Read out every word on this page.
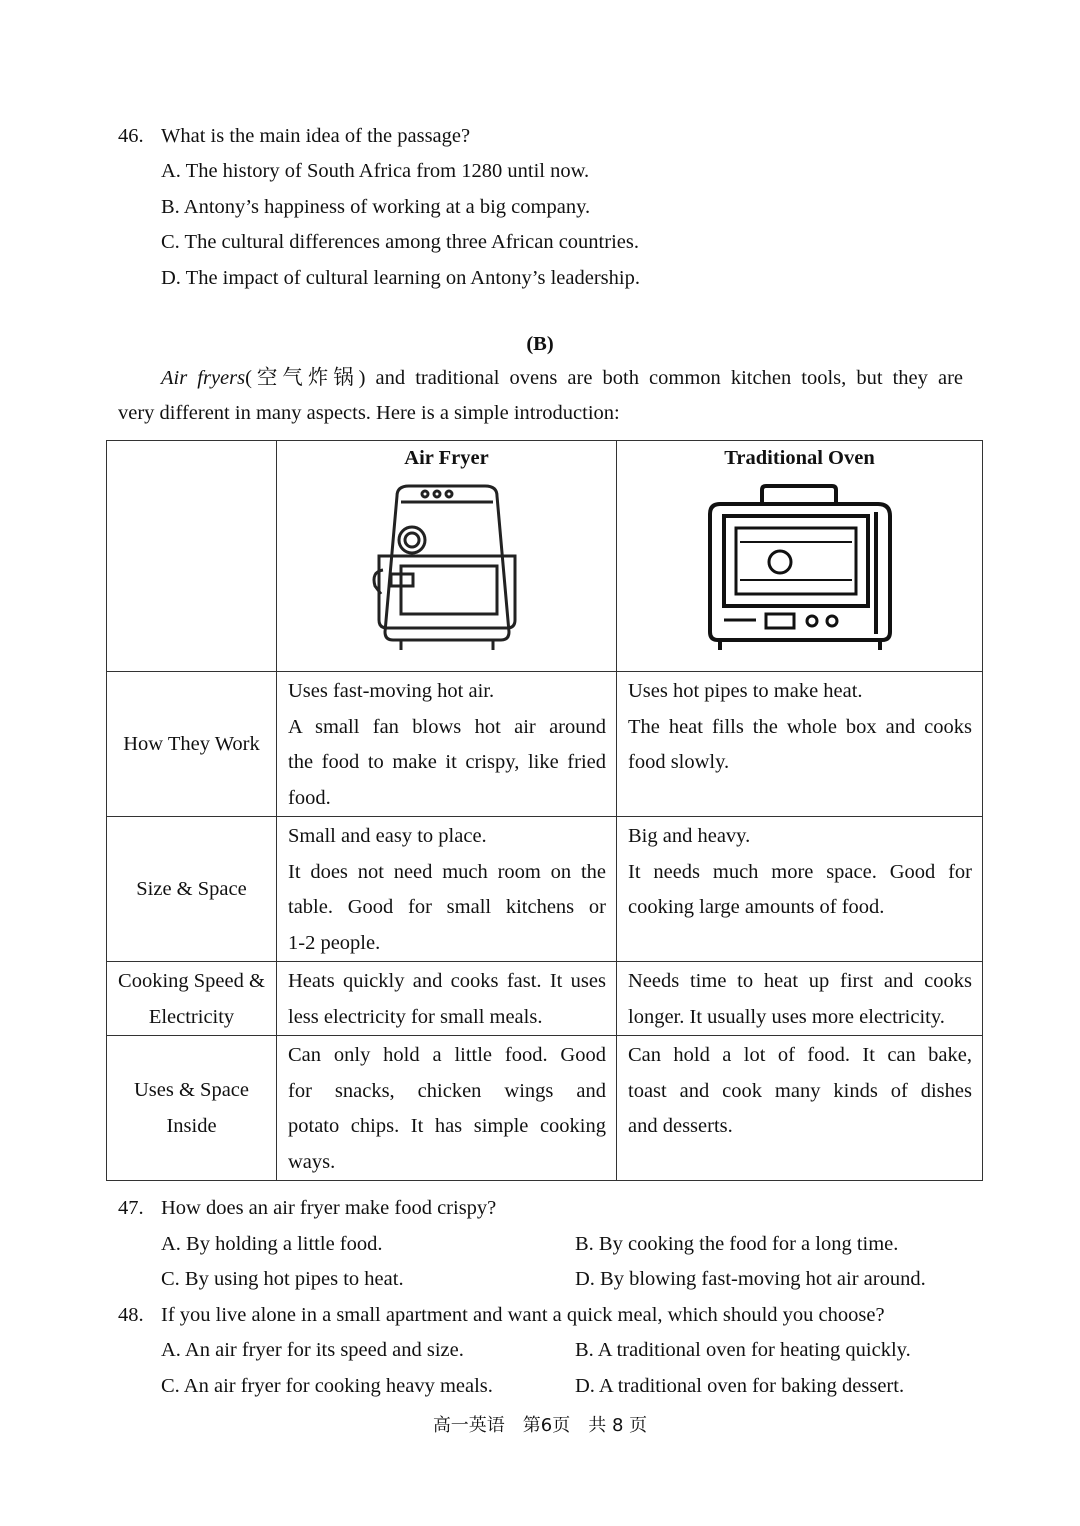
46. What is the main idea of the passage?
A. The history of South Africa from 1280 until now.
B. Antony’s happiness of working at a big company.
C. The cultural differences among three African countries.
D. The impact of cultural learning on Antony’s leadership.
(B)
Air fryers(空气炸锅) and traditional ovens are both common kitchen tools, but they are
very different in many aspects. Here is a simple introduction:

	Air Fryer	Traditional Oven

How They Work	Uses fast-moving hot air.
A small fan blows hot air around
the food to make it crispy, like fried
food.	Uses hot pipes to make heat.
The heat fills the whole box and cooks
food slowly.

Size & Space	Small and easy to place.
It does not need much room on the
table. Good for small kitchens or
1-2 people.	Big and heavy.
It needs much more space. Good for
cooking large amounts of food.

Cooking Speed & Electricity	Heats quickly and cooks fast. It uses
less electricity for small meals.	Needs time to heat up first and cooks
longer. It usually uses more electricity.

Uses & Space Inside	Can only hold a little food. Good
for snacks, chicken wings and
potato chips. It has simple cooking
ways.	Can hold a lot of food. It can bake,
toast and cook many kinds of dishes
and desserts.
47. How does an air fryer make food crispy?
A. By holding a little food.	B. By cooking the food for a long time.
C. By using hot pipes to heat.	D. By blowing fast-moving hot air around.
48. If you live alone in a small apartment and want a quick meal, which should you choose?
A. An air fryer for its speed and size.	B. A traditional oven for heating quickly.
C. An air fryer for cooking heavy meals.	D. A traditional oven for baking dessert.
高一英语　第6页　共 8 页
